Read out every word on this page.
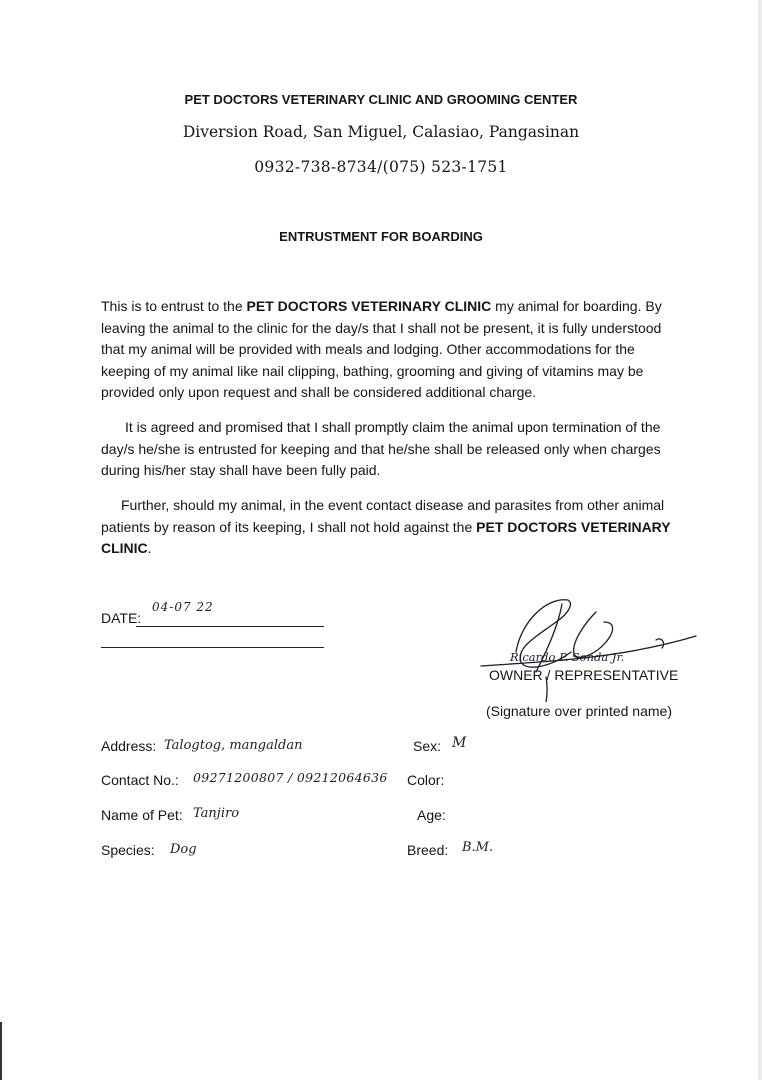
PET DOCTORS VETERINARY CLINIC AND GROOMING CENTER
Diversion Road, San Miguel, Calasiao, Pangasinan
0932-738-8734/(075) 523-1751
ENTRUSTMENT FOR BOARDING
This is to entrust to the PET DOCTORS VETERINARY CLINIC my animal for boarding. By leaving the animal to the clinic for the day/s that I shall not be present, it is fully understood that my animal will be provided with meals and lodging. Other accommodations for the keeping of my animal like nail clipping, bathing, grooming and giving of vitamins may be provided only upon request and shall be considered additional charge.
It is agreed and promised that I shall promptly claim the animal upon termination of the day/s he/she is entrusted for keeping and that he/she shall be released only when charges during his/her stay shall have been fully paid.
Further, should my animal, in the event contact disease and parasites from other animal patients by reason of its keeping, I shall not hold against the PET DOCTORS VETERINARY CLINIC.
DATE:
04-07 22
Ricardo P. Sonda Jr.
OWNER / REPRESENTATIVE
(Signature over printed name)
Address: Talogtog, mangaldan
Contact No.: 09271200807 / 09212064636
Name of Pet: Tanjiro
Species: Dog
Sex: M
Color:
Age:
Breed: B.M.
